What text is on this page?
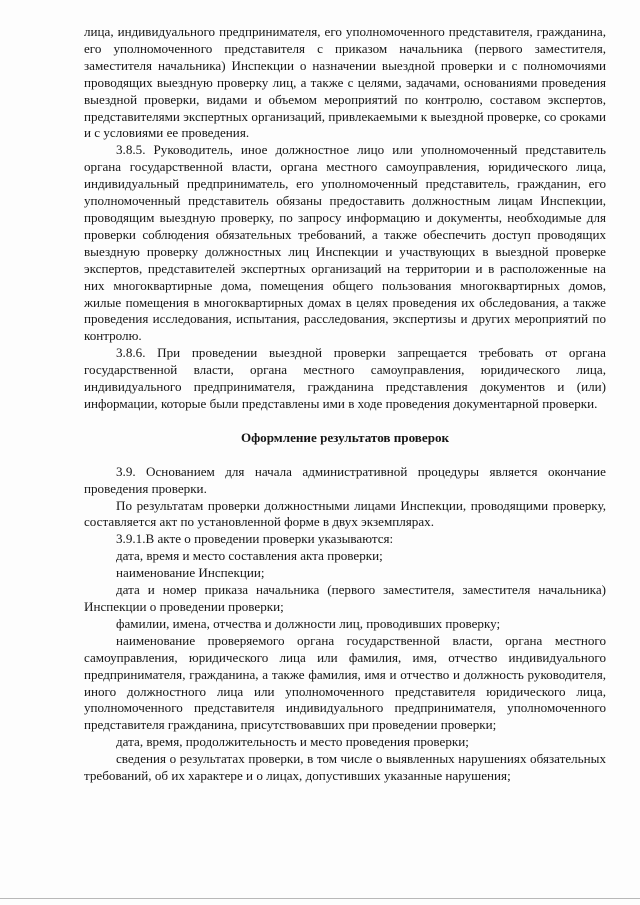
лица, индивидуального предпринимателя, его уполномоченного представителя, гражданина, его уполномоченного представителя с приказом начальника (первого заместителя, заместителя начальника) Инспекции о назначении выездной проверки и с полномочиями проводящих выездную проверку лиц, а также с целями, задачами, основаниями проведения выездной проверки, видами и объемом мероприятий по контролю, составом экспертов, представителями экспертных организаций, привлекаемыми к выездной проверке, со сроками и с условиями ее проведения.

3.8.5. Руководитель, иное должностное лицо или уполномоченный представитель органа государственной власти, органа местного самоуправления, юридического лица, индивидуальный предприниматель, его уполномоченный представитель, гражданин, его уполномоченный представитель обязаны предоставить должностным лицам Инспекции, проводящим выездную проверку, по запросу информацию и документы, необходимые для проверки соблюдения обязательных требований, а также обеспечить доступ проводящих выездную проверку должностных лиц Инспекции и участвующих в выездной проверке экспертов, представителей экспертных организаций на территории и в расположенные на них многоквартирные дома, помещения общего пользования многоквартирных домов, жилые помещения в многоквартирных домах в целях проведения их обследования, а также проведения исследования, испытания, расследования, экспертизы и других мероприятий по контролю.

3.8.6. При проведении выездной проверки запрещается требовать от органа государственной власти, органа местного самоуправления, юридического лица, индивидуального предпринимателя, гражданина представления документов и (или) информации, которые были представлены ими в ходе проведения документарной проверки.

Оформление результатов проверок

3.9. Основанием для начала административной процедуры является окончание проведения проверки.

По результатам проверки должностными лицами Инспекции, проводящими проверку, составляется акт по установленной форме в двух экземплярах.

3.9.1.В акте о проведении проверки указываются:

дата, время и место составления акта проверки;

наименование Инспекции;

дата и номер приказа начальника (первого заместителя, заместителя начальника) Инспекции о проведении проверки;

фамилии, имена, отчества и должности лиц, проводивших проверку;

наименование проверяемого органа государственной власти, органа местного самоуправления, юридического лица или фамилия, имя, отчество индивидуального предпринимателя, гражданина, а также фамилия, имя и отчество и должность руководителя, иного должностного лица или уполномоченного представителя юридического лица, уполномоченного представителя индивидуального предпринимателя, уполномоченного представителя гражданина, присутствовавших при проведении проверки;

дата, время, продолжительность и место проведения проверки;

сведения о результатах проверки, в том числе о выявленных нарушениях обязательных требований, об их характере и о лицах, допустивших указанные нарушения;
